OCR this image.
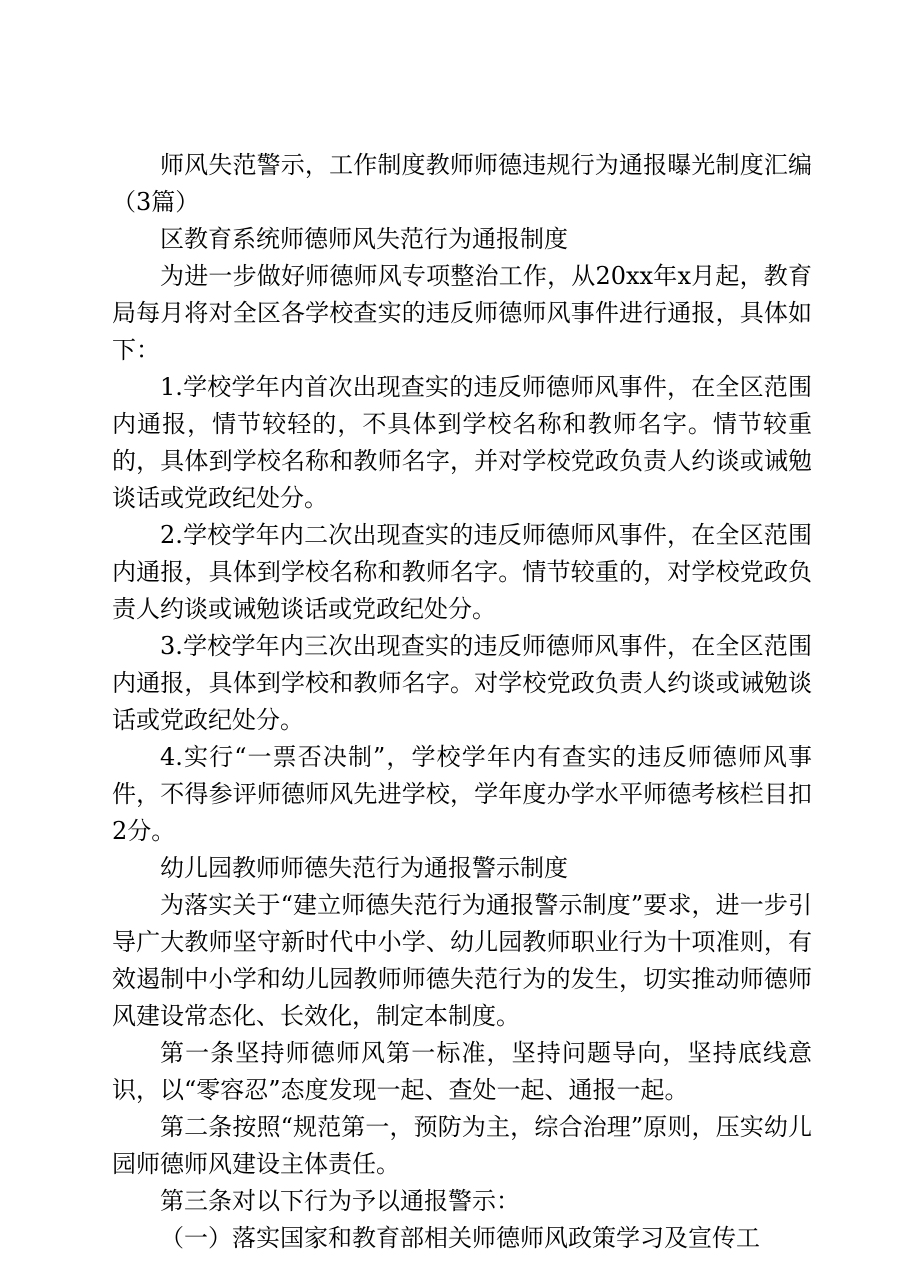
师风失范警示，工作制度教师师德违规行为通报曝光制度汇编（3篇）

区教育系统师德师风失范行为通报制度

为进一步做好师德师风专项整治工作，从20xx年x月起，教育局每月将对全区各学校查实的违反师德师风事件进行通报，具体如下：

1.学校学年内首次出现查实的违反师德师风事件，在全区范围内通报，情节较轻的，不具体到学校名称和教师名字。情节较重的，具体到学校名称和教师名字，并对学校党政负责人约谈或诫勉谈话或党政纪处分。

2.学校学年内二次出现查实的违反师德师风事件，在全区范围内通报，具体到学校名称和教师名字。情节较重的，对学校党政负责人约谈或诫勉谈话或党政纪处分。

3.学校学年内三次出现查实的违反师德师风事件，在全区范围内通报，具体到学校和教师名字。对学校党政负责人约谈或诫勉谈话或党政纪处分。

4.实行“一票否决制”，学校学年内有查实的违反师德师风事件，不得参评师德师风先进学校，学年度办学水平师德考核栏目扣2分。

幼儿园教师师德失范行为通报警示制度

为落实关于“建立师德失范行为通报警示制度”要求，进一步引导广大教师坚守新时代中小学、幼儿园教师职业行为十项准则，有效遏制中小学和幼儿园教师师德失范行为的发生，切实推动师德师风建设常态化、长效化，制定本制度。

第一条坚持师德师风第一标准，坚持问题导向，坚持底线意识，以“零容忍”态度发现一起、查处一起、通报一起。

第二条按照“规范第一，预防为主，综合治理”原则，压实幼儿园师德师风建设主体责任。

第三条对以下行为予以通报警示：

（一）落实国家和教育部相关师德师风政策学习及宣传工
